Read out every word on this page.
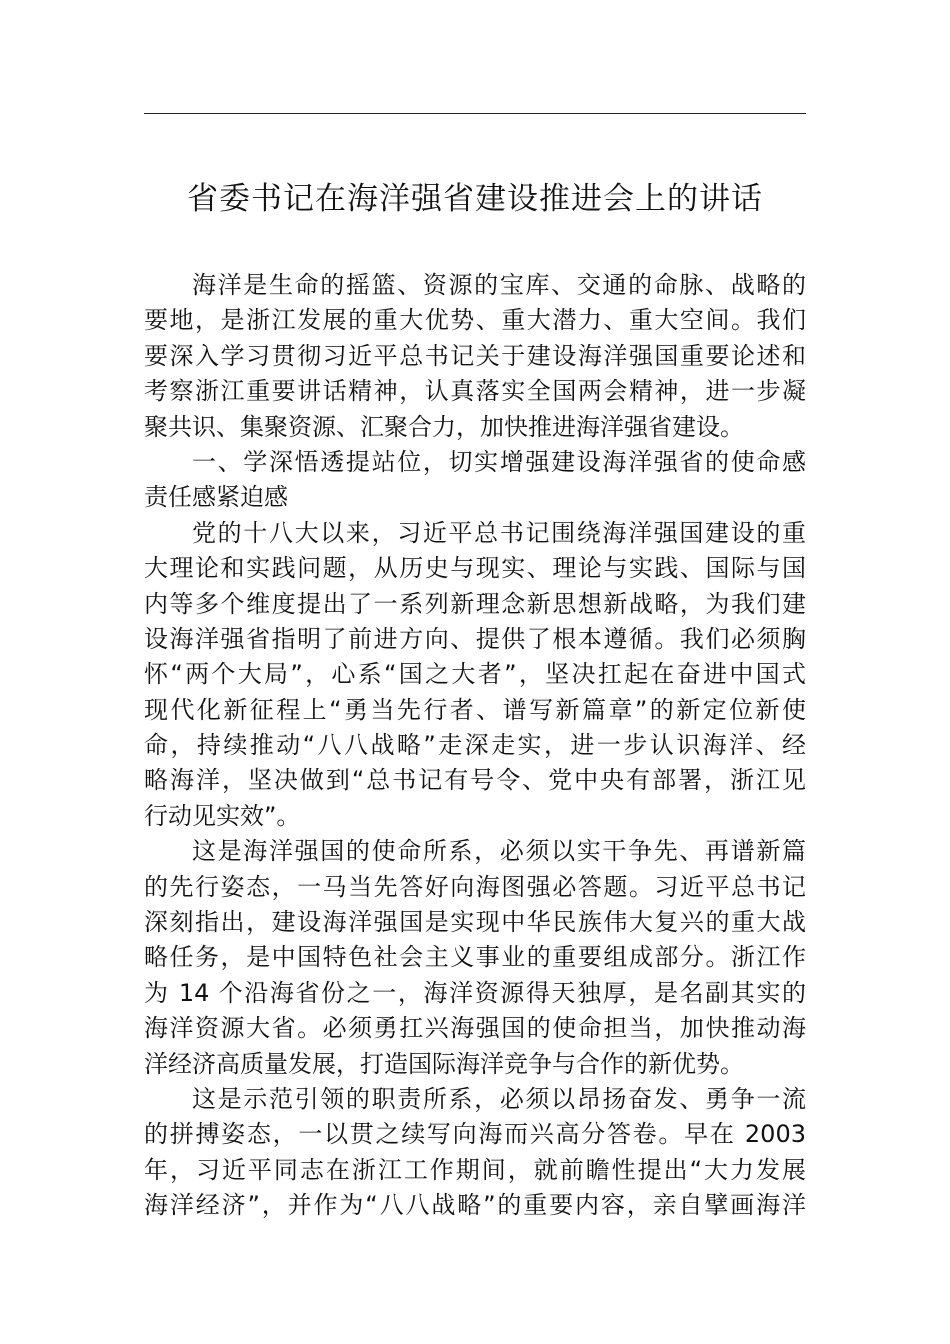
省委书记在海洋强省建设推进会上的讲话
海洋是生命的摇篮、资源的宝库、交通的命脉、战略的
要地，是浙江发展的重大优势、重大潜力、重大空间。我们
要深入学习贯彻习近平总书记关于建设海洋强国重要论述和
考察浙江重要讲话精神，认真落实全国两会精神，进一步凝
聚共识、集聚资源、汇聚合力，加快推进海洋强省建设。
一、学深悟透提站位，切实增强建设海洋强省的使命感
责任感紧迫感
党的十八大以来，习近平总书记围绕海洋强国建设的重
大理论和实践问题，从历史与现实、理论与实践、国际与国
内等多个维度提出了一系列新理念新思想新战略，为我们建
设海洋强省指明了前进方向、提供了根本遵循。我们必须胸
怀“两个大局”，心系“国之大者”，坚决扛起在奋进中国式
现代化新征程上“勇当先行者、谱写新篇章”的新定位新使
命，持续推动“八八战略”走深走实，进一步认识海洋、经
略海洋，坚决做到“总书记有号令、党中央有部署，浙江见
行动见实效”。
这是海洋强国的使命所系，必须以实干争先、再谱新篇
的先行姿态，一马当先答好向海图强必答题。习近平总书记
深刻指出，建设海洋强国是实现中华民族伟大复兴的重大战
略任务，是中国特色社会主义事业的重要组成部分。浙江作
为 14 个沿海省份之一，海洋资源得天独厚，是名副其实的
海洋资源大省。必须勇扛兴海强国的使命担当，加快推动海
洋经济高质量发展，打造国际海洋竞争与合作的新优势。
这是示范引领的职责所系，必须以昂扬奋发、勇争一流
的拼搏姿态，一以贯之续写向海而兴高分答卷。早在 2003
年，习近平同志在浙江工作期间，就前瞻性提出“大力发展
海洋经济”，并作为“八八战略”的重要内容，亲自擘画海洋
